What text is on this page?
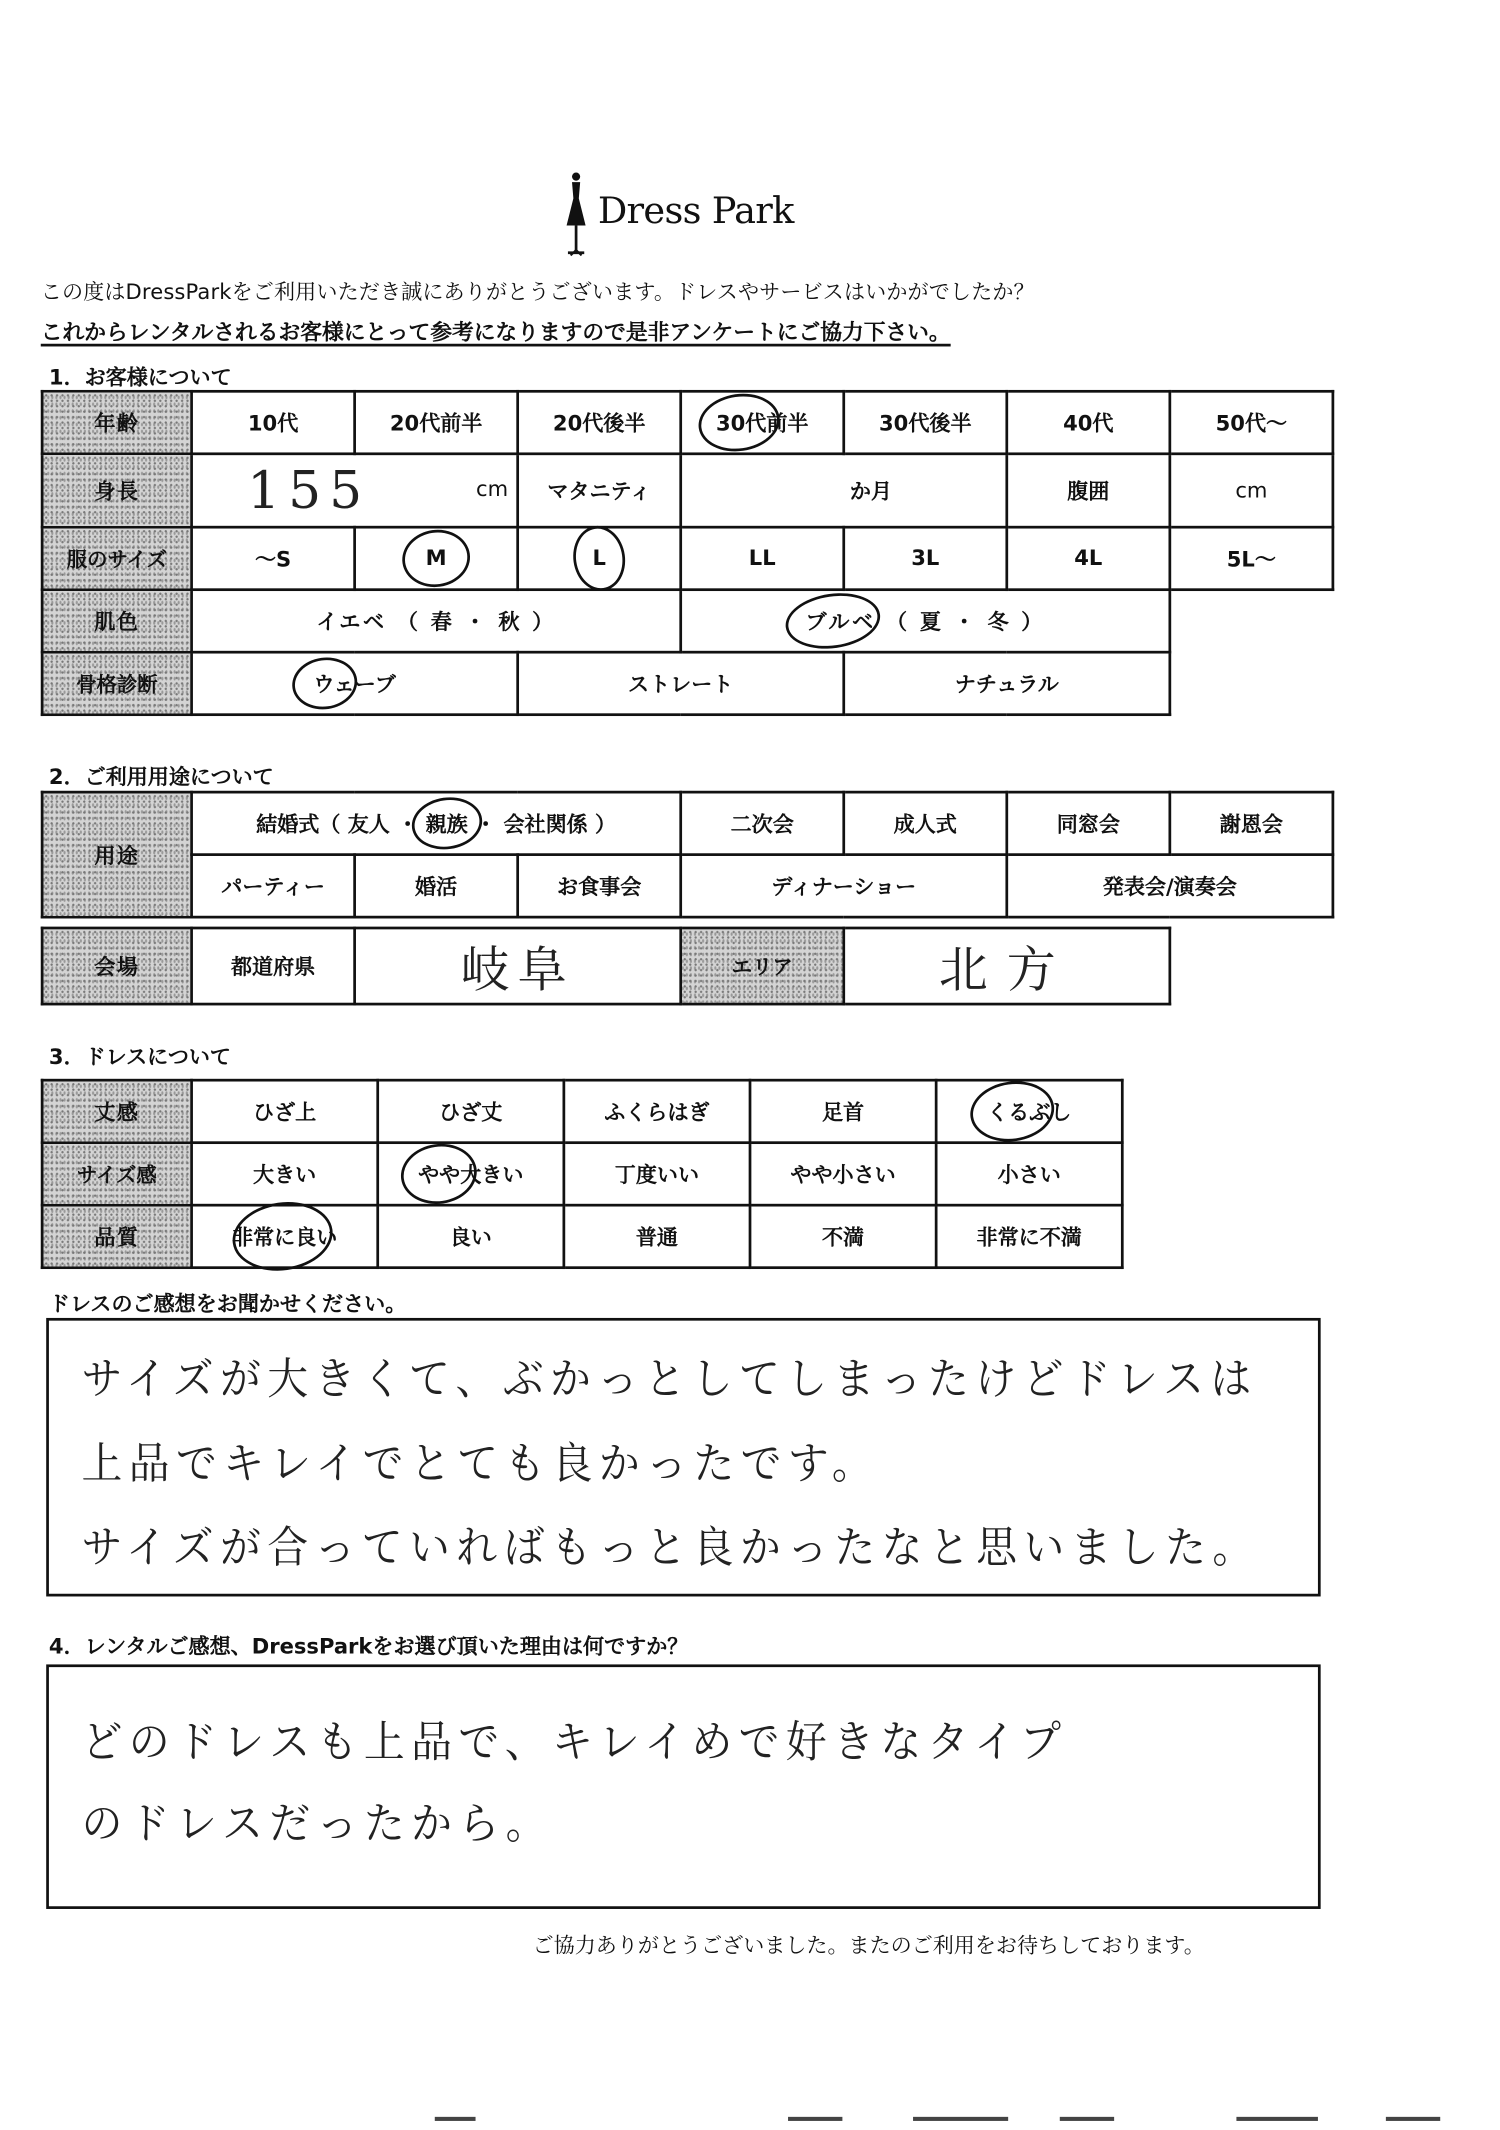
Dress Park
この度はDressParkをご利用いただき誠にありがとうございます。ドレスやサービスはいかがでしたか？
これからレンタルされるお客様にとって参考になりますので是非アンケートにご協力下さい。
1．お客様について
年齢	10代	20代前半	20代後半	30代前半	30代後半	40代	50代～
身長	155 cm		マタニティ	か月		腹囲	cm
服のサイズ	～S	M	L	LL	3L	4L	5L～
肌色	イエベ （ 春 ・ 秋 ）			ブルベ （ 夏 ・ 冬 ）		

骨格診断	ウェーブ		ストレート		ナチュラル		
2．ご利用用途について
用途	結婚式（ 友人 ・ 親族 ・ 会社関係 ）			二次会	成人式	同窓会	謝恩会
	パーティー	婚活	お食事会	ディナーショー		発表会/演奏会	
会場	都道府県	岐阜	エリア	北方
3．ドレスについて
丈感	ひざ上	ひざ丈	ふくらはぎ	足首	くるぶし

サイズ感	大きい	やや大きい	丁度いい	やや小さい	小さい
品質	非常に良い	良い	普通	不満	非常に不満
ドレスのご感想をお聞かせください。
サイズが大きくて、ぶかっとしてしまったけどドレスは
上品でキレイでとても良かったです。
サイズが合っていればもっと良かったなと思いました。
4．レンタルご感想、DressParkをお選び頂いた理由は何ですか？
どのドレスも上品で、キレイめで好きなタイプ
のドレスだったから。
ご協力ありがとうございました。またのご利用をお待ちしております。
